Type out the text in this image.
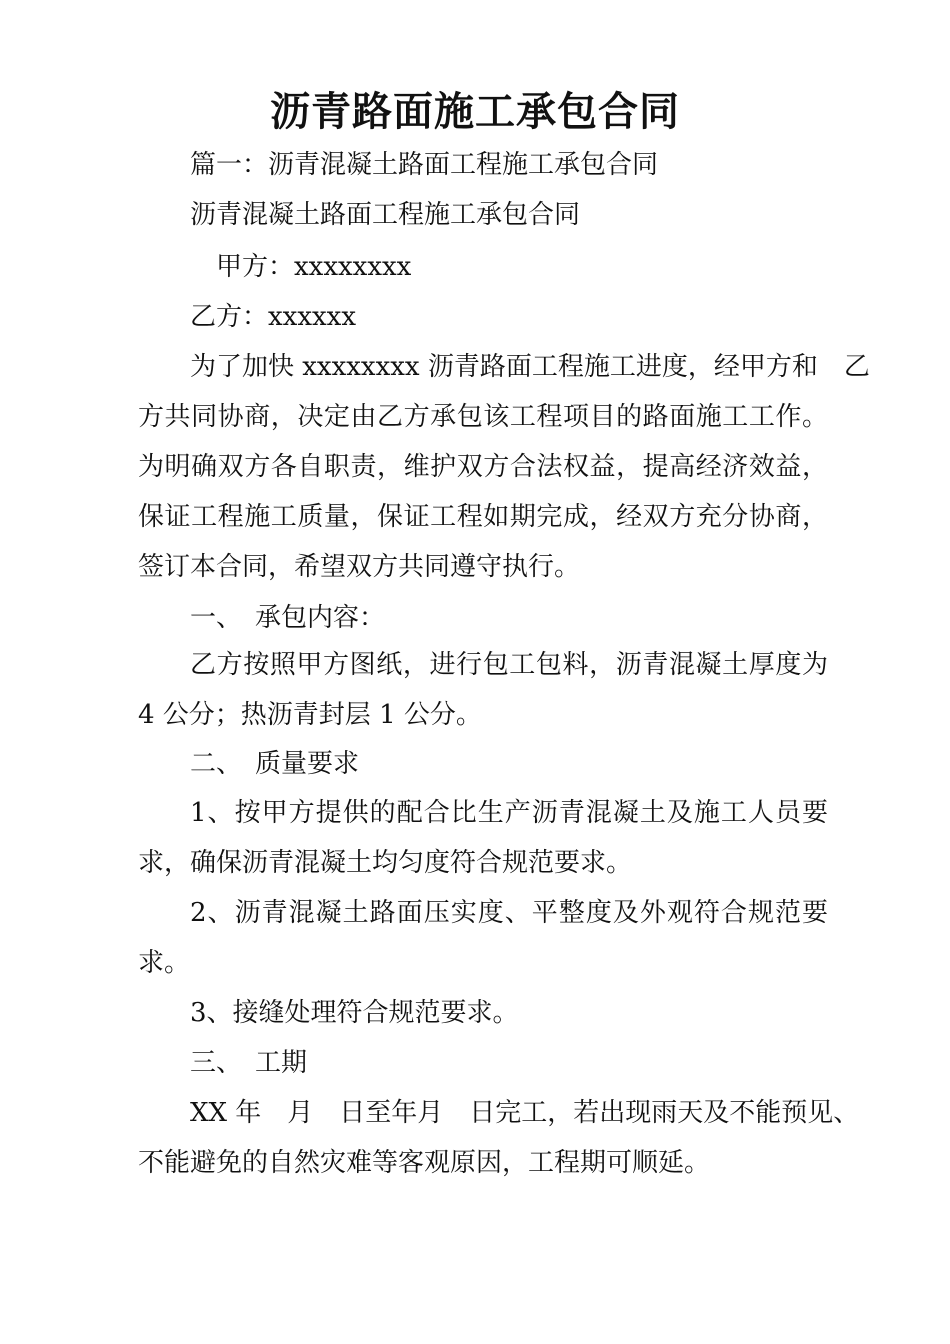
沥青路面施工承包合同
篇一：沥青混凝土路面工程施工承包合同
沥青混凝土路面工程施工承包合同
甲方：xxxxxxxx
乙方：xxxxxx
为了加快 xxxxxxxx 沥青路面工程施工进度，经甲方和　乙
方共同协商，决定由乙方承包该工程项目的路面施工工作。
为明确双方各自职责，维护双方合法权益，提高经济效益，
保证工程施工质量，保证工程如期完成，经双方充分协商，
签订本合同，希望双方共同遵守执行。
一、　承包内容：
乙方按照甲方图纸，进行包工包料，沥青混凝土厚度为
4 公分；热沥青封层 1 公分。
二、　质量要求
1、按甲方提供的配合比生产沥青混凝土及施工人员要
求，确保沥青混凝土均匀度符合规范要求。
2、沥青混凝土路面压实度、平整度及外观符合规范要
求。
3、接缝处理符合规范要求。
三、　工期
XX 年　月　日至年月　日完工，若出现雨天及不能预见、
不能避免的自然灾难等客观原因，工程期可顺延。
